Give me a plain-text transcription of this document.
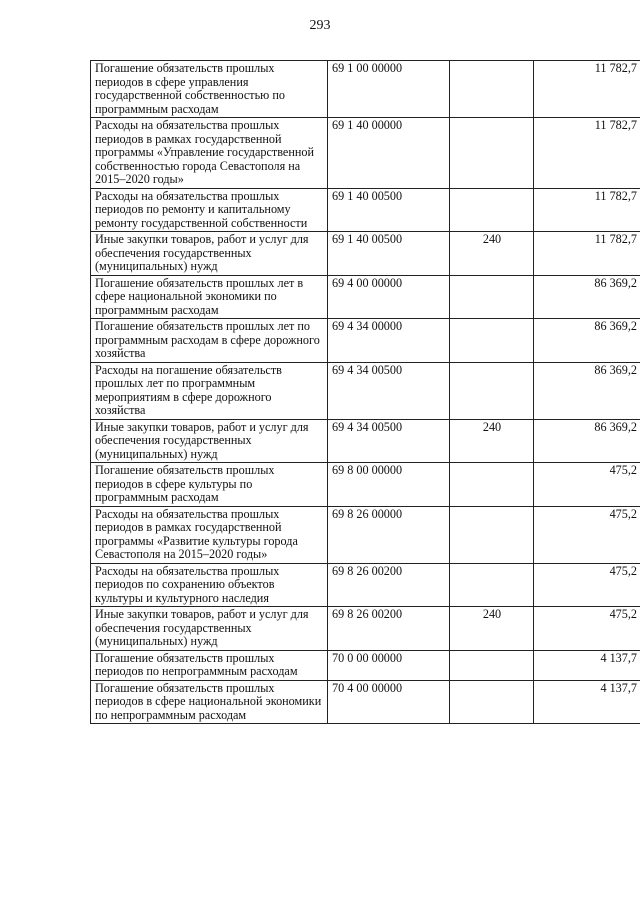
293
Погашение обязательств прошлых периодов в сфере управления государственной собственностью по программным расходам	69 1 00 00000		11 782,7
Расходы на обязательства прошлых периодов в рамках государственной программы «Управление государственной собственностью города Севастополя на 2015–2020 годы»	69 1 40 00000		11 782,7
Расходы на обязательства прошлых периодов по ремонту и капитальному ремонту государственной собственности	69 1 40 00500		11 782,7
Иные закупки товаров, работ и услуг для обеспечения государственных (муниципальных) нужд	69 1 40 00500	240	11 782,7
Погашение обязательств прошлых лет в сфере национальной экономики по программным расходам	69 4 00 00000		86 369,2
Погашение обязательств прошлых лет по программным расходам в сфере дорожного хозяйства	69 4 34 00000		86 369,2
Расходы на погашение обязательств прошлых лет по программным мероприятиям в сфере дорожного хозяйства	69 4 34 00500		86 369,2
Иные закупки товаров, работ и услуг для обеспечения государственных (муниципальных) нужд	69 4 34 00500	240	86 369,2
Погашение обязательств прошлых периодов в сфере культуры по программным расходам	69 8 00 00000		475,2
Расходы на обязательства прошлых периодов в рамках государственной программы «Развитие культуры города Севастополя на 2015–2020 годы»	69 8 26 00000		475,2
Расходы на обязательства прошлых периодов по сохранению объектов культуры и культурного наследия	69 8 26 00200		475,2
Иные закупки товаров, работ и услуг для обеспечения государственных (муниципальных) нужд	69 8 26 00200	240	475,2
Погашение обязательств прошлых периодов по непрограммным расходам	70 0 00 00000		4 137,7
Погашение обязательств прошлых периодов в сфере национальной экономики по непрограммным расходам	70 4 00 00000		4 137,7
